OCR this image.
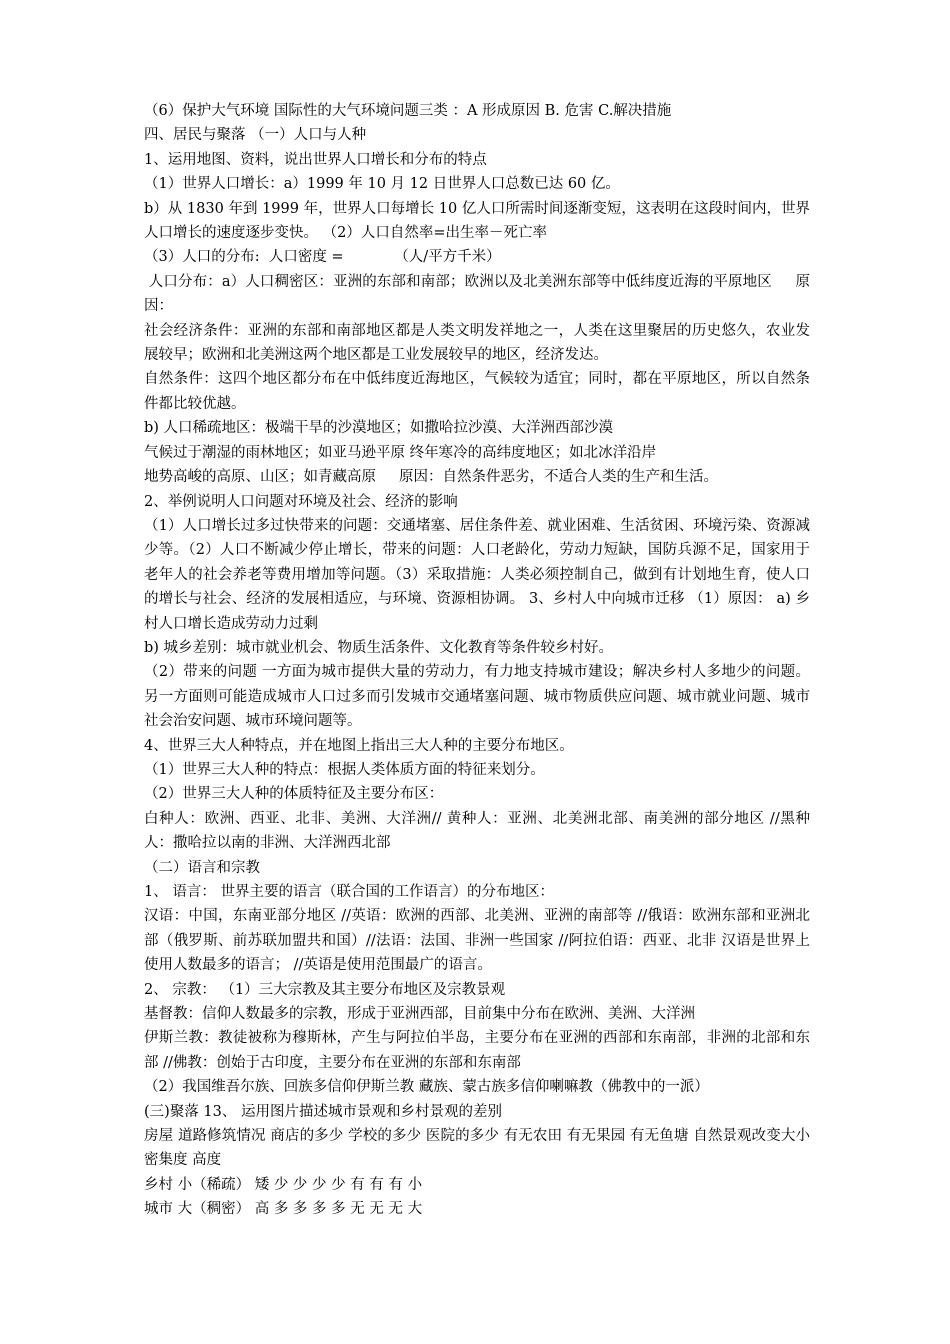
（6）保护大气环境 国际性的大气环境问题三类 ：A 形成原因 B. 危害 C.解决措施

四、居民与聚落 （一）人口与人种

1、运用地图、资料，说出世界人口增长和分布的特点

（1）世界人口增长：a）1999 年 10 月 12 日世界人口总数已达 60 亿。

b）从 1830 年到 1999 年，世界人口每增长 10 亿人口所需时间逐渐变短，这表明在这段时间内，世界人口增长的速度逐步变快。 （2）人口自然率=出生率－死亡率

（3）人口的分布:  人口密度 =           （人/平方千米）

人口分布：a）人口稠密区：亚洲的东部和南部；欧洲以及北美洲东部等中低纬度近海的平原地区     原因：

社会经济条件：亚洲的东部和南部地区都是人类文明发祥地之一，人类在这里聚居的历史悠久，农业发展较早；欧洲和北美洲这两个地区都是工业发展较早的地区，经济发达。

自然条件：这四个地区都分布在中低纬度近海地区，气候较为适宜；同时，都在平原地区，所以自然条件都比较优越。

b) 人口稀疏地区：极端干旱的沙漠地区；如撒哈拉沙漠、大洋洲西部沙漠

气候过于潮湿的雨林地区；如亚马逊平原 终年寒冷的高纬度地区；如北冰洋沿岸

地势高峻的高原、山区；如青藏高原     原因：自然条件恶劣，不适合人类的生产和生活。

2、举例说明人口问题对环境及社会、经济的影响

（1）人口增长过多过快带来的问题：交通堵塞、居住条件差、就业困难、生活贫困、环境污染、资源减少等。（2）人口不断减少停止增长，带来的问题：人口老龄化，劳动力短缺，国防兵源不足，国家用于老年人的社会养老等费用增加等问题。（3）采取措施：人类必须控制自己，做到有计划地生育，使人口的增长与社会、经济的发展相适应，与环境、资源相协调。 3、乡村人中向城市迁移 （1）原因： a) 乡村人口增长造成劳动力过剩

b) 城乡差别：城市就业机会、物质生活条件、文化教育等条件较乡村好。

（2）带来的问题 一方面为城市提供大量的劳动力，有力地支持城市建设；解决乡村人多地少的问题。另一方面则可能造成城市人口过多而引发城市交通堵塞问题、城市物质供应问题、城市就业问题、城市社会治安问题、城市环境问题等。

4、世界三大人种特点，并在地图上指出三大人种的主要分布地区。

（1）世界三大人种的特点：根据人类体质方面的特征来划分。

（2）世界三大人种的体质特征及主要分布区：

白种人：欧洲、西亚、北非、美洲、大洋洲// 黄种人：亚洲、北美洲北部、南美洲的部分地区 //黑种人：撒哈拉以南的非洲、大洋洲西北部

（二）语言和宗教

1、 语言： 世界主要的语言（联合国的工作语言）的分布地区：

汉语：中国，东南亚部分地区 //英语：欧洲的西部、北美洲、亚洲的南部等 //俄语：欧洲东部和亚洲北部（俄罗斯、前苏联加盟共和国）//法语：法国、非洲一些国家 //阿拉伯语：西亚、北非 汉语是世界上使用人数最多的语言； //英语是使用范围最广的语言。

2、 宗教： （1）三大宗教及其主要分布地区及宗教景观

基督教：信仰人数最多的宗教，形成于亚洲西部，目前集中分布在欧洲、美洲、大洋洲

伊斯兰教：教徒被称为穆斯林，产生与阿拉伯半岛，主要分布在亚洲的西部和东南部，非洲的北部和东部 //佛教：创始于古印度，主要分布在亚洲的东部和东南部

（2）我国维吾尔族、回族多信仰伊斯兰教 藏族、蒙古族多信仰喇嘛教（佛教中的一派）

(三)聚落 13、 运用图片描述城市景观和乡村景观的差别

房屋 道路修筑情况 商店的多少 学校的多少 医院的多少 有无农田 有无果园 有无鱼塘 自然景观改变大小 密集度 高度

乡村 小（稀疏） 矮 少 少 少 少 有 有 有 小

城市 大（稠密） 高 多 多 多 多 无 无 无 大
